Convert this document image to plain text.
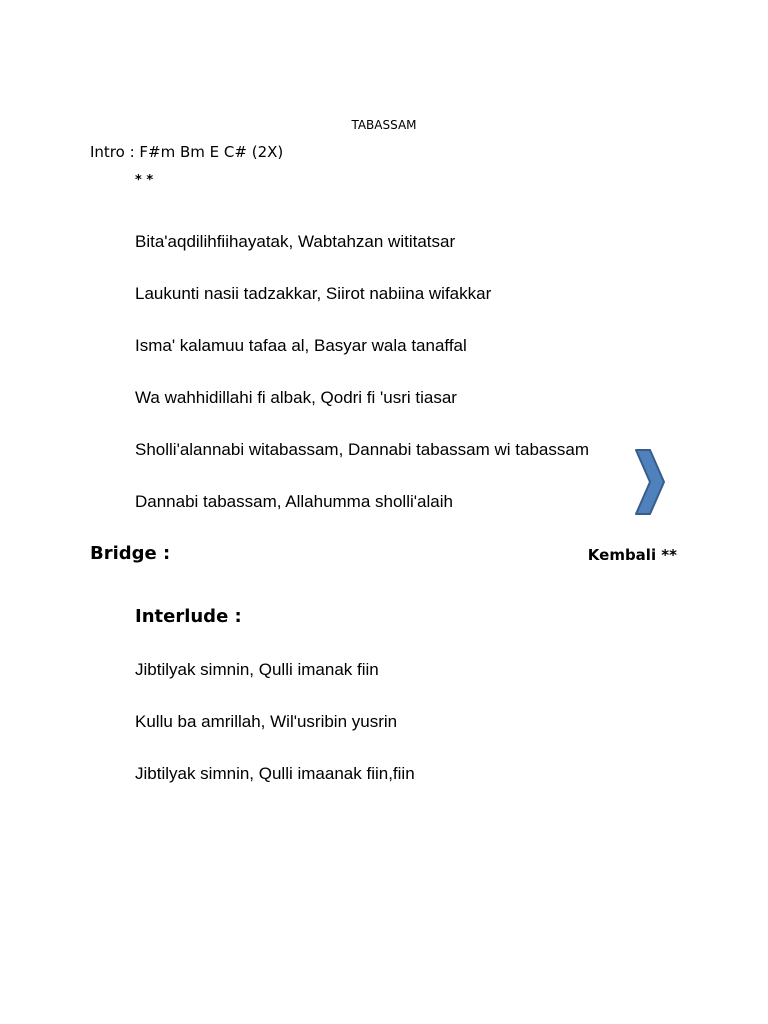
TABASSAM
Intro : F#m Bm E C# (2X)
* *
Bita'aqdilihfiihayatak, Wabtahzan wititatsar
Laukunti nasii tadzakkar, Siirot nabiina wifakkar
Isma' kalamuu tafaa al, Basyar wala tanaffal
Wa wahhidillahi fi albak, Qodri fi 'usri tiasar
Sholli'alannabi witabassam, Dannabi tabassam wi tabassam
Dannabi tabassam, Allahumma sholli'alaih
Bridge :	Kembali **
Interlude :
Jibtilyak simnin, Qulli imanak fiin
Kullu ba amrillah, Wil'usribin yusrin
Jibtilyak simnin, Qulli imaanak fiin,fiin
